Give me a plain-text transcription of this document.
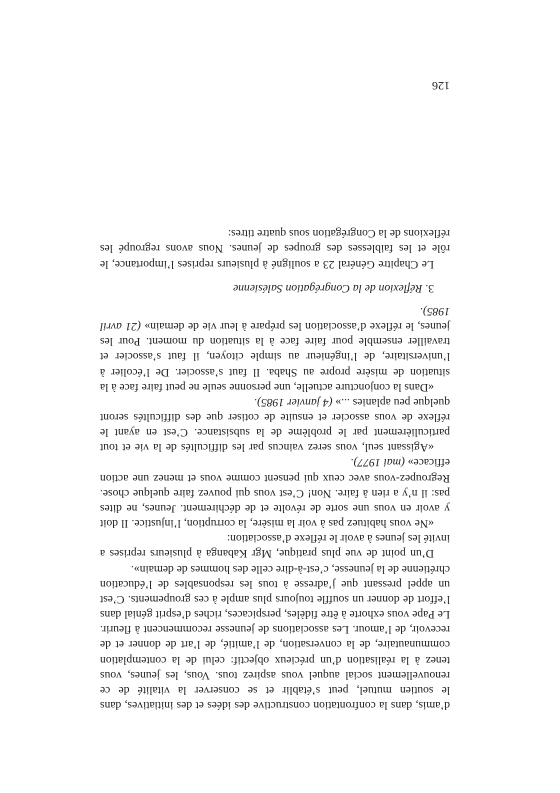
d’amis, dans la confrontation constructive des idées et des initiatives, dans le soutien mutuel, peut s’établir et se conserver la vitalité de ce renouvellement social auquel vous aspirez tous. Vous, les jeunes, vous tenez à la réalisation d’un précieux objectif: celui de la contemplation communautaire, de la conversation, de l’amitié, de l’art de donner et de recevoir, de l’amour. Les associations de jeunesse recommencent à fleurir. Le Pape vous exhorte à être fidèles, perspicaces, riches d’esprit génial dans l’effort de donner un souffle toujours plus ample à ces groupements. C’est un appel pressant que j’adresse à tous les responsables de l’éducation chrétienne de la jeunesse, c’est-à-dire celle des hommes de demain».

D’un point de vue plus pratique, Mgr Kabanga à plusieurs reprises a invité les jeunes à avoir le réflexe d’association:

«Ne vous habituez pas à voir la misère, la corruption, l’injustice. Il doit y avoir en vous une sorte de révolte et de déchirement. Jeunes, ne dites pas: il n’y a rien à faire. Non! C’est vous qui pouvez faire quelque chose. Regroupez-vous avec ceux qui pensent comme vous et menez une action efficace» (mai 1977).

«Agissant seul, vous serez vaincus par les difficultés de la vie et tout particulièrement par le problème de la subsistance. C’est en ayant le réflexe de vous associer et ensuite de cotiser que des difficultés seront quelque peu aplanies ...» (4 janvier 1985).

«Dans la conjoncture actuelle, une personne seule ne peut faire face à la situation de misère propre au Shaba. Il faut s’associer. De l’écolier à l’universitaire, de l’ingénieur au simple citoyen, il faut s’associer et travailler ensemble pour faire face à la situation du moment. Pour les jeunes, le réflexe d’association les prépare à leur vie de demain» (21 avril 1985).

3. Réflexion de la Congrégation Salésienne

Le Chapitre Général 23 a souligné à plusieurs reprises l’importance, le rôle et les faiblesses des groupes de jeunes. Nous avons regroupé les réflexions de la Congrégation sous quatre titres:

126
